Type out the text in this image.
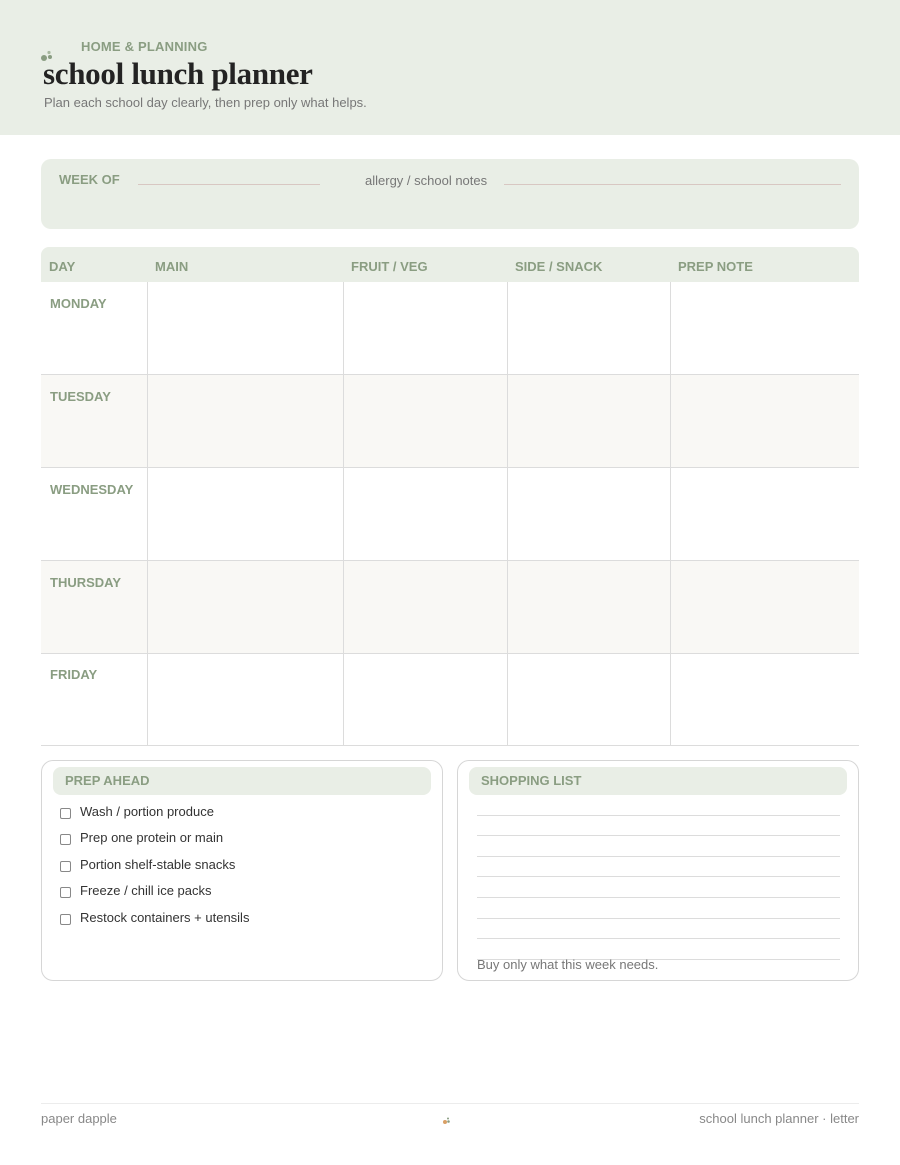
HOME & PLANNING
school lunch planner
Plan each school day clearly, then prep only what helps.
WEEK OF	allergy / school notes
DAY	MAIN	FRUIT / VEG	SIDE / SNACK	PREP NOTE
MONDAY
TUESDAY
WEDNESDAY
THURSDAY
FRIDAY
PREP AHEAD
Wash / portion produce
Prep one protein or main
Portion shelf-stable snacks
Freeze / chill ice packs
Restock containers + utensils
SHOPPING LIST
Buy only what this week needs.
paper dapple	school lunch planner · letter
